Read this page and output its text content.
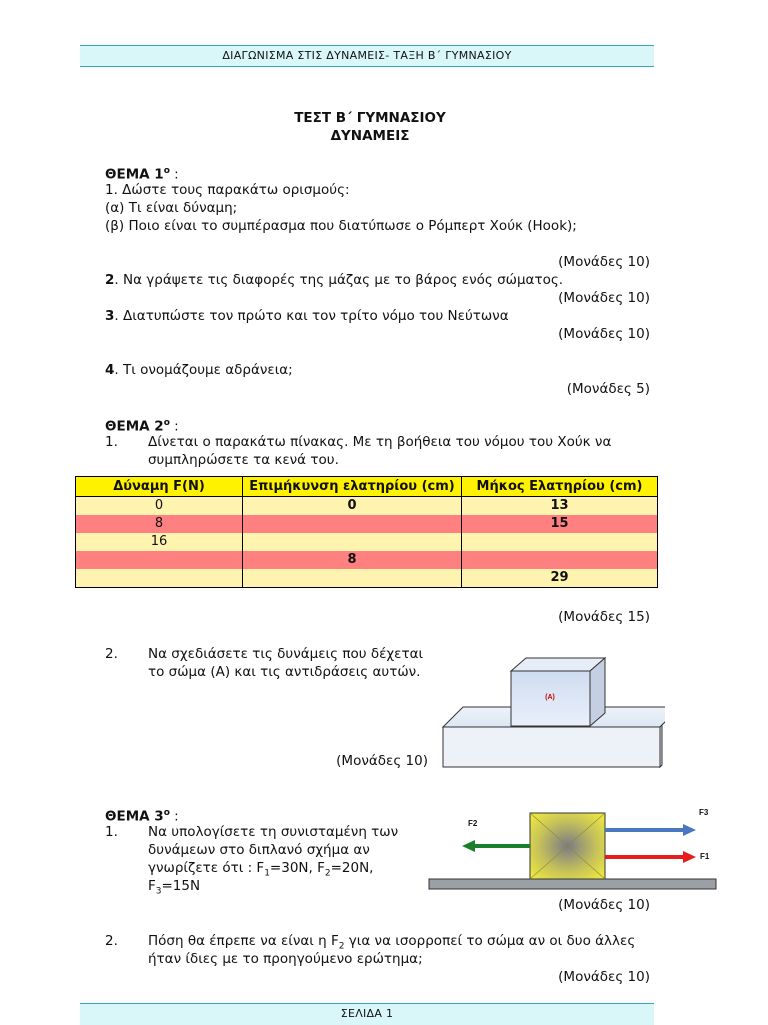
ΔΙΑΓΩΝΙΣΜΑ ΣΤΙΣ ΔΥΝΑΜΕΙΣ- ΤΑΞΗ Β΄ ΓΥΜΝΑΣΙΟΥ
ΤΕΣΤ Β΄ ΓΥΜΝΑΣΙΟΥ
ΔΥΝΑΜΕΙΣ
ΘΕΜΑ $1^o$ :
1. Δώστε τους παρακάτω ορισμούς:
(α) Τι είναι δύναμη;
(β) Ποιο είναι το συμπέρασμα που διατύπωσε ο Ρόμπερτ Χούκ (Hook);
(Μονάδες 10)
2. Να γράψετε τις διαφορές της μάζας με το βάρος ενός σώματος.
(Μονάδες 10)
3. Διατυπώστε τον πρώτο και τον τρίτο νόμο του Νεύτωνα
(Μονάδες 10)
4. Τι ονομάζουμε αδράνεια;
(Μονάδες 5)
ΘΕΜΑ $2^o$ :
1. Δίνεται ο παρακάτω πίνακας. Με τη βοήθεια του νόμου του Χούκ να
συμπληρώσετε τα κενά του.
Δύναμη F(N)	Επιμήκυνση ελατηρίου (cm)	Μήκος Ελατηρίου (cm)
0	0	13
8		15
16		
	8	
		29
(Μονάδες 15)
2. Να σχεδιάσετε τις δυνάμεις που δέχεται
το σώμα (Α) και τις αντιδράσεις αυτών.
(Μονάδες 10)
(A)
ΘΕΜΑ $3^o$ :
1. Να υπολογίσετε τη συνισταμένη των
δυνάμεων στο διπλανό σχήμα αν
γνωρίζετε ότι : $F_1=30N$, $F_2=20N$,
$F_3=15N$
(Μονάδες 10)
F2
F3
F1
2. Πόση θα έπρεπε να είναι η $F_2$ για να ισορροπεί το σώμα αν οι δυο άλλες
ήταν ίδιες με το προηγούμενο ερώτημα;
(Μονάδες 10)
ΣΕΛΙΔΑ 1
